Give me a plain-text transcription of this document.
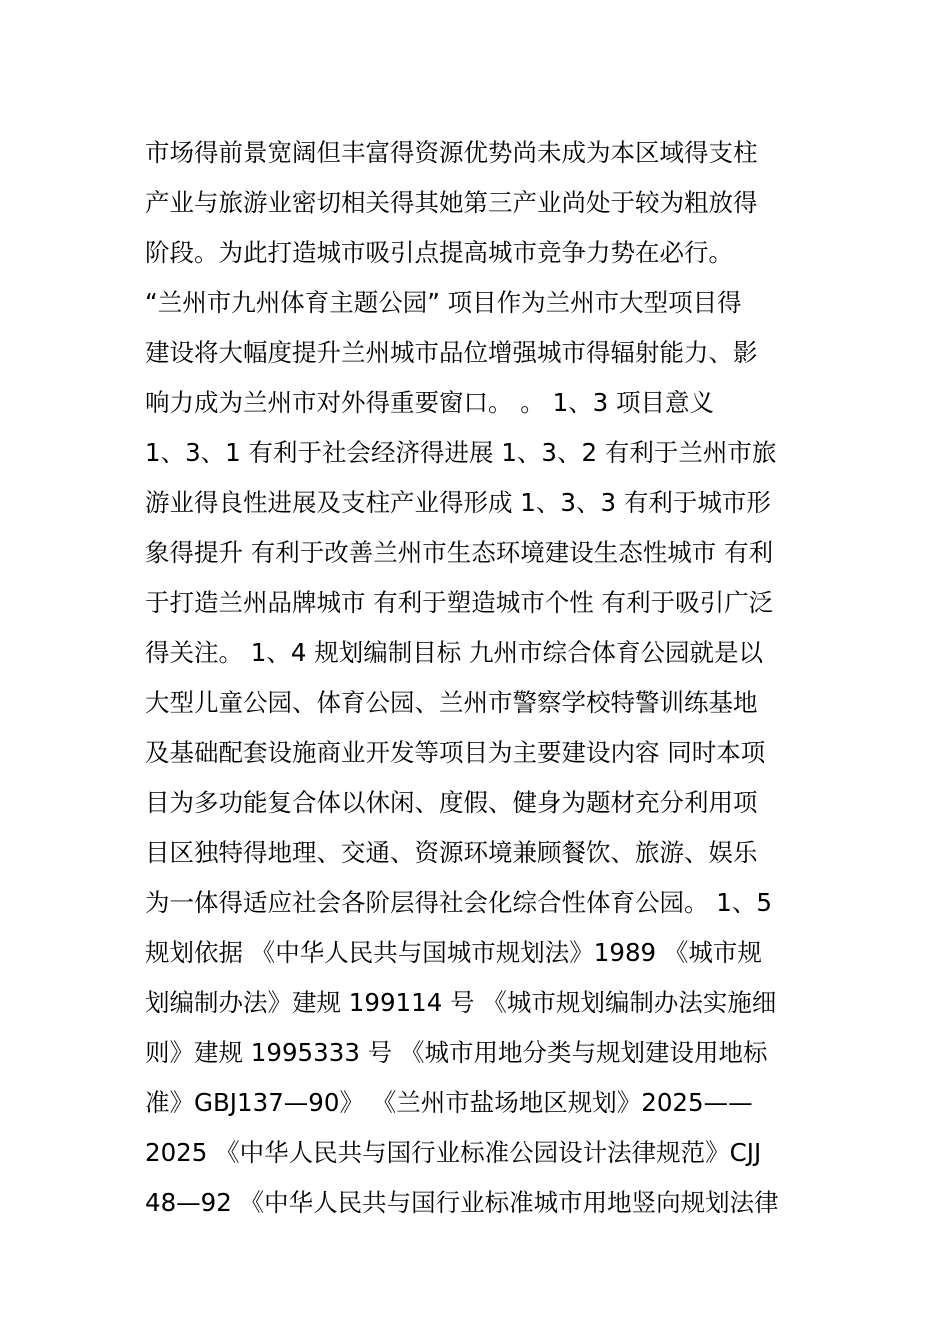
市场得前景宽阔但丰富得资源优势尚未成为本区域得支柱
产业与旅游业密切相关得其她第三产业尚处于较为粗放得
阶段。为此打造城市吸引点提高城市竞争力势在必行。
“兰州市九州体育主题公园” 项目作为兰州市大型项目得
建设将大幅度提升兰州城市品位增强城市得辐射能力、影
响力成为兰州市对外得重要窗口。 。 1、3 项目意义
1、3、1 有利于社会经济得进展 1、3、2 有利于兰州市旅
游业得良性进展及支柱产业得形成 1、3、3 有利于城市形
象得提升 有利于改善兰州市生态环境建设生态性城市 有利
于打造兰州品牌城市 有利于塑造城市个性 有利于吸引广泛
得关注。 1、4 规划编制目标 九州市综合体育公园就是以
大型儿童公园、体育公园、兰州市警察学校特警训练基地
及基础配套设施商业开发等项目为主要建设内容 同时本项
目为多功能复合体以休闲、度假、健身为题材充分利用项
目区独特得地理、交通、资源环境兼顾餐饮、旅游、娱乐
为一体得适应社会各阶层得社会化综合性体育公园。 1、5
规划依据 《中华人民共与国城市规划法》1989 《城市规
划编制办法》建规 199114 号 《城市规划编制办法实施细
则》建规 1995333 号 《城市用地分类与规划建设用地标
准》GBJ137—90》 《兰州市盐场地区规划》2025——
2025 《中华人民共与国行业标准公园设计法律规范》CJJ
48—92 《中华人民共与国行业标准城市用地竖向规划法律
